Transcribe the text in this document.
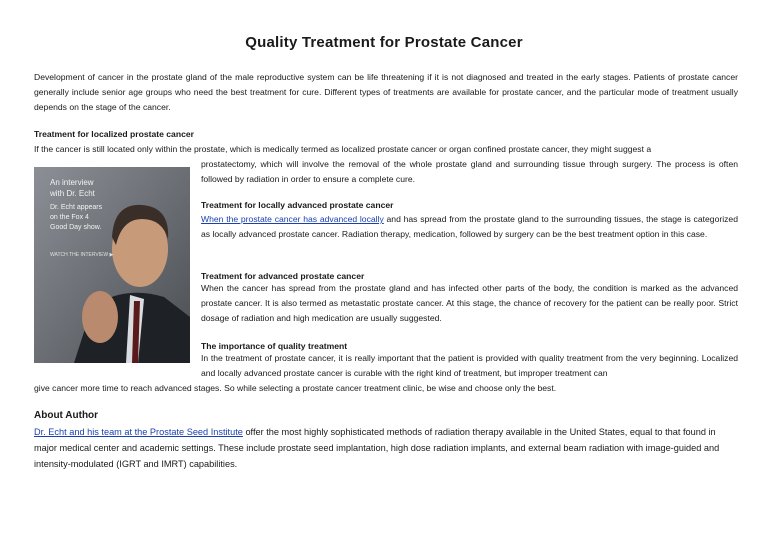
Quality Treatment for Prostate Cancer
Development of cancer in the prostate gland of the male reproductive system can be life threatening if it is not diagnosed and treated in the early stages. Patients of prostate cancer generally include senior age groups who need the best treatment for cure. Different types of treatments are available for prostate cancer, and the particular mode of treatment usually depends on the stage of the cancer.
Treatment for localized prostate cancer
If the cancer is still located only within the prostate, which is medically termed as localized prostate cancer or organ confined prostate cancer, they might suggest a
An interview
with Dr. Echt
Dr. Echt appears
on the Fox 4
Good Day show.
WATCH THE INTERVIEW ▶
prostatectomy, which will involve the removal of the whole prostate gland and surrounding tissue through surgery. The process is often followed by radiation in order to ensure a complete cure.
Treatment for locally advanced prostate cancer
When the prostate cancer has advanced locally and has spread from the prostate gland to the surrounding tissues, the stage is categorized as locally advanced prostate cancer. Radiation therapy, medication, followed by surgery can be the best treatment option in this case.
Treatment for advanced prostate cancer
When the cancer has spread from the prostate gland and has infected other parts of the body, the condition is marked as the advanced prostate cancer. It is also termed as metastatic prostate cancer. At this stage, the chance of recovery for the patient can be really poor. Strict dosage of radiation and high medication are usually suggested.
The importance of quality treatment
In the treatment of prostate cancer, it is really important that the patient is provided with quality treatment from the very beginning. Localized and locally advanced prostate cancer is curable with the right kind of treatment, but improper treatment can
give cancer more time to reach advanced stages. So while selecting a prostate cancer treatment clinic, be wise and choose only the best.
About Author
Dr. Echt and his team at the Prostate Seed Institute offer the most highly sophisticated methods of radiation therapy available in the United States, equal to that found in major medical center and academic settings. These include prostate seed implantation, high dose radiation implants, and external beam radiation with image-guided and intensity-modulated (IGRT and IMRT) capabilities.
